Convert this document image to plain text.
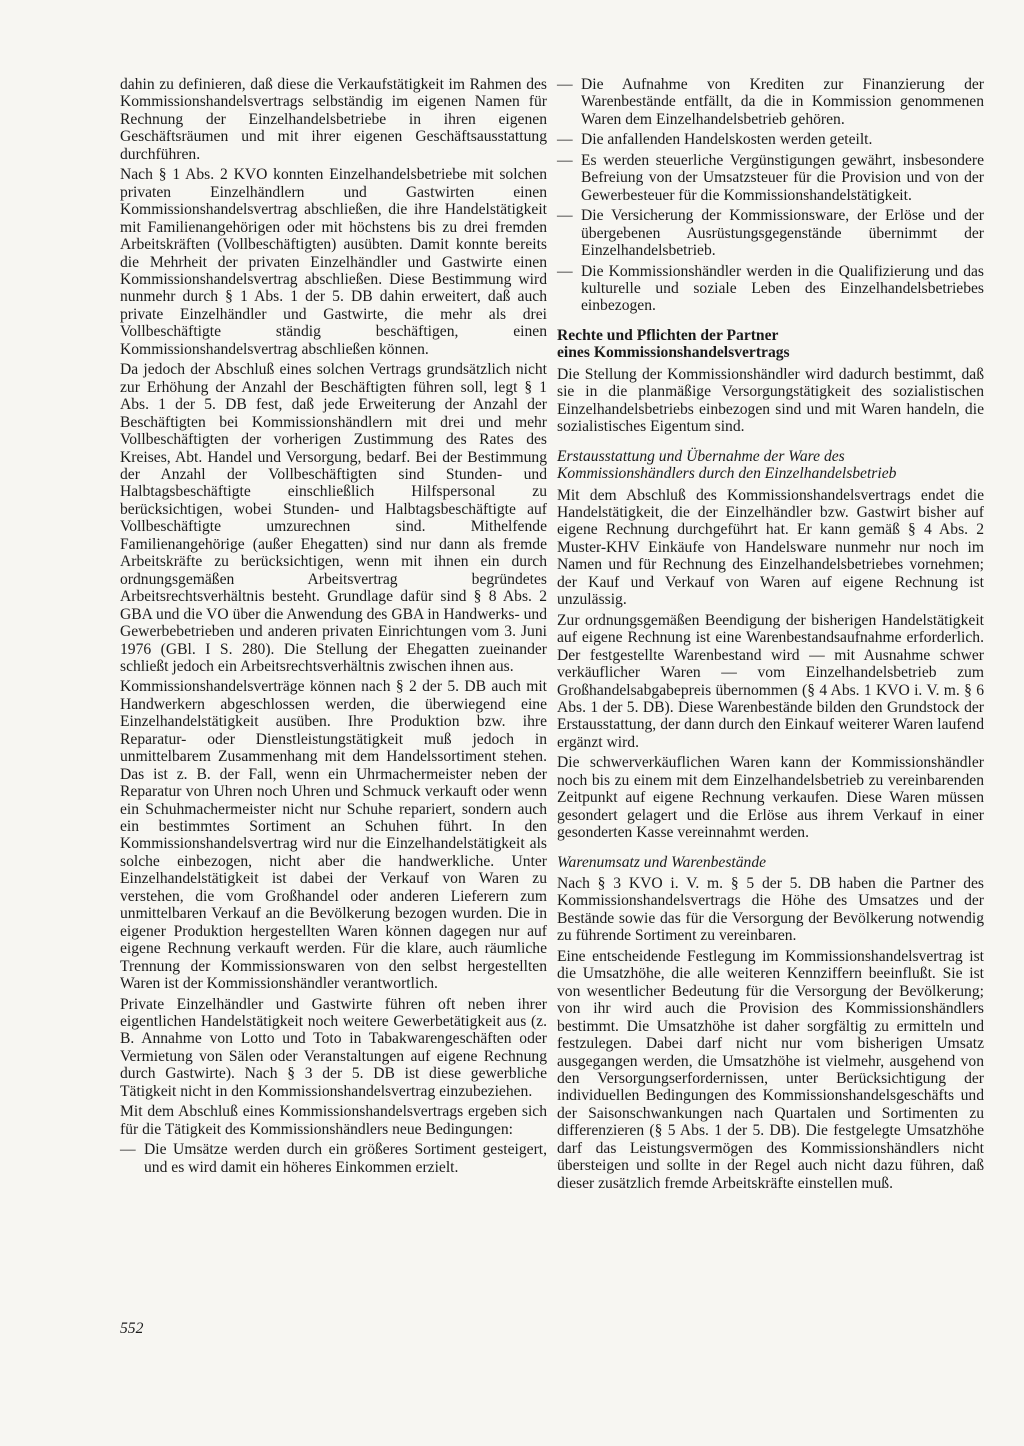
dahin zu definieren, daß diese die Verkaufstätigkeit im Rahmen des Kommissionshandelsvertrags selbständig im eigenen Namen für Rechnung der Einzelhandelsbetriebe in ihren eigenen Geschäftsräumen und mit ihrer eigenen Geschäftsausstattung durchführen.

Nach § 1 Abs. 2 KVO konnten Einzelhandelsbetriebe mit solchen privaten Einzelhändlern und Gastwirten einen Kommissionshandelsvertrag abschließen, die ihre Handelstätigkeit mit Familienangehörigen oder mit höchstens bis zu drei fremden Arbeitskräften (Vollbeschäftigten) ausübten. Damit konnte bereits die Mehrheit der privaten Einzelhändler und Gastwirte einen Kommissionshandelsvertrag abschließen. Diese Bestimmung wird nunmehr durch § 1 Abs. 1 der 5. DB dahin erweitert, daß auch private Einzelhändler und Gastwirte, die mehr als drei Vollbeschäftigte ständig beschäftigen, einen Kommissionshandelsvertrag abschließen können.

Da jedoch der Abschluß eines solchen Vertrags grundsätzlich nicht zur Erhöhung der Anzahl der Beschäftigten führen soll, legt § 1 Abs. 1 der 5. DB fest, daß jede Erweiterung der Anzahl der Beschäftigten bei Kommissionshändlern mit drei und mehr Vollbeschäftigten der vorherigen Zustimmung des Rates des Kreises, Abt. Handel und Versorgung, bedarf. Bei der Bestimmung der Anzahl der Vollbeschäftigten sind Stunden- und Halbtagsbeschäftigte einschließlich Hilfspersonal zu berücksichtigen, wobei Stunden- und Halbtagsbeschäftigte auf Vollbeschäftigte umzurechnen sind. Mithelfende Familienangehörige (außer Ehegatten) sind nur dann als fremde Arbeitskräfte zu berücksichtigen, wenn mit ihnen ein durch ordnungsgemäßen Arbeitsvertrag begründetes Arbeitsrechtsverhältnis besteht. Grundlage dafür sind § 8 Abs. 2 GBA und die VO über die Anwendung des GBA in Handwerks- und Gewerbebetrieben und anderen privaten Einrichtungen vom 3. Juni 1976 (GBl. I S. 280). Die Stellung der Ehegatten zueinander schließt jedoch ein Arbeitsrechtsverhältnis zwischen ihnen aus.

Kommissionshandelsverträge können nach § 2 der 5. DB auch mit Handwerkern abgeschlossen werden, die überwiegend eine Einzelhandelstätigkeit ausüben. Ihre Produktion bzw. ihre Reparatur- oder Dienstleistungstätigkeit muß jedoch in unmittelbarem Zusammenhang mit dem Handelssortiment stehen. Das ist z. B. der Fall, wenn ein Uhrmachermeister neben der Reparatur von Uhren noch Uhren und Schmuck verkauft oder wenn ein Schuhmachermeister nicht nur Schuhe repariert, sondern auch ein bestimmtes Sortiment an Schuhen führt. In den Kommissionshandelsvertrag wird nur die Einzelhandelstätigkeit als solche einbezogen, nicht aber die handwerkliche. Unter Einzelhandelstätigkeit ist dabei der Verkauf von Waren zu verstehen, die vom Großhandel oder anderen Lieferern zum unmittelbaren Verkauf an die Bevölkerung bezogen wurden. Die in eigener Produktion hergestellten Waren können dagegen nur auf eigene Rechnung verkauft werden. Für die klare, auch räumliche Trennung der Kommissionswaren von den selbst hergestellten Waren ist der Kommissionshändler verantwortlich.

Private Einzelhändler und Gastwirte führen oft neben ihrer eigentlichen Handelstätigkeit noch weitere Gewerbetätigkeit aus (z. B. Annahme von Lotto und Toto in Tabakwarengeschäften oder Vermietung von Sälen oder Veranstaltungen auf eigene Rechnung durch Gastwirte). Nach § 3 der 5. DB ist diese gewerbliche Tätigkeit nicht in den Kommissionshandelsvertrag einzubeziehen.

Mit dem Abschluß eines Kommissionshandelsvertrags ergeben sich für die Tätigkeit des Kommissionshändlers neue Bedingungen:

— Die Umsätze werden durch ein größeres Sortiment gesteigert, und es wird damit ein höheres Einkommen erzielt.
— Die Aufnahme von Krediten zur Finanzierung der Warenbestände entfällt, da die in Kommission genommenen Waren dem Einzelhandelsbetrieb gehören.
— Die anfallenden Handelskosten werden geteilt.
— Es werden steuerliche Vergünstigungen gewährt, insbesondere Befreiung von der Umsatzsteuer für die Provision und von der Gewerbesteuer für die Kommissionshandelstätigkeit.
— Die Versicherung der Kommissionsware, der Erlöse und der übergebenen Ausrüstungsgegenstände übernimmt der Einzelhandelsbetrieb.
— Die Kommissionshändler werden in die Qualifizierung und das kulturelle und soziale Leben des Einzelhandelsbetriebes einbezogen.
Rechte und Pflichten der Partner
eines Kommissionshandelsvertrags

Die Stellung der Kommissionshändler wird dadurch bestimmt, daß sie in die planmäßige Versorgungstätigkeit des sozialistischen Einzelhandelsbetriebs einbezogen sind und mit Waren handeln, die sozialistisches Eigentum sind.

Erstausstattung und Übernahme der Ware des
Kommissionshändlers durch den Einzelhandelsbetrieb

Mit dem Abschluß des Kommissionshandelsvertrags endet die Handelstätigkeit, die der Einzelhändler bzw. Gastwirt bisher auf eigene Rechnung durchgeführt hat. Er kann gemäß § 4 Abs. 2 Muster-KHV Einkäufe von Handelsware nunmehr nur noch im Namen und für Rechnung des Einzelhandelsbetriebes vornehmen; der Kauf und Verkauf von Waren auf eigene Rechnung ist unzulässig.

Zur ordnungsgemäßen Beendigung der bisherigen Handelstätigkeit auf eigene Rechnung ist eine Warenbestandsaufnahme erforderlich. Der festgestellte Warenbestand wird — mit Ausnahme schwer verkäuflicher Waren — vom Einzelhandelsbetrieb zum Großhandelsabgabepreis übernommen (§ 4 Abs. 1 KVO i. V. m. § 6 Abs. 1 der 5. DB). Diese Warenbestände bilden den Grundstock der Erstausstattung, der dann durch den Einkauf weiterer Waren laufend ergänzt wird.

Die schwerverkäuflichen Waren kann der Kommissionshändler noch bis zu einem mit dem Einzelhandelsbetrieb zu vereinbarenden Zeitpunkt auf eigene Rechnung verkaufen. Diese Waren müssen gesondert gelagert und die Erlöse aus ihrem Verkauf in einer gesonderten Kasse vereinnahmt werden.

Warenumsatz und Warenbestände

Nach § 3 KVO i. V. m. § 5 der 5. DB haben die Partner des Kommissionshandelsvertrags die Höhe des Umsatzes und der Bestände sowie das für die Versorgung der Bevölkerung notwendig zu führende Sortiment zu vereinbaren.

Eine entscheidende Festlegung im Kommissionshandelsvertrag ist die Umsatzhöhe, die alle weiteren Kennziffern beeinflußt. Sie ist von wesentlicher Bedeutung für die Versorgung der Bevölkerung; von ihr wird auch die Provision des Kommissionshändlers bestimmt. Die Umsatzhöhe ist daher sorgfältig zu ermitteln und festzulegen. Dabei darf nicht nur vom bisherigen Umsatz ausgegangen werden, die Umsatzhöhe ist vielmehr, ausgehend von den Versorgungserfordernissen, unter Berücksichtigung der individuellen Bedingungen des Kommissionshandelsgeschäfts und der Saisonschwankungen nach Quartalen und Sortimenten zu differenzieren (§ 5 Abs. 1 der 5. DB). Die festgelegte Umsatzhöhe darf das Leistungsvermögen des Kommissionshändlers nicht übersteigen und sollte in der Regel auch nicht dazu führen, daß dieser zusätzlich fremde Arbeitskräfte einstellen muß.

552
